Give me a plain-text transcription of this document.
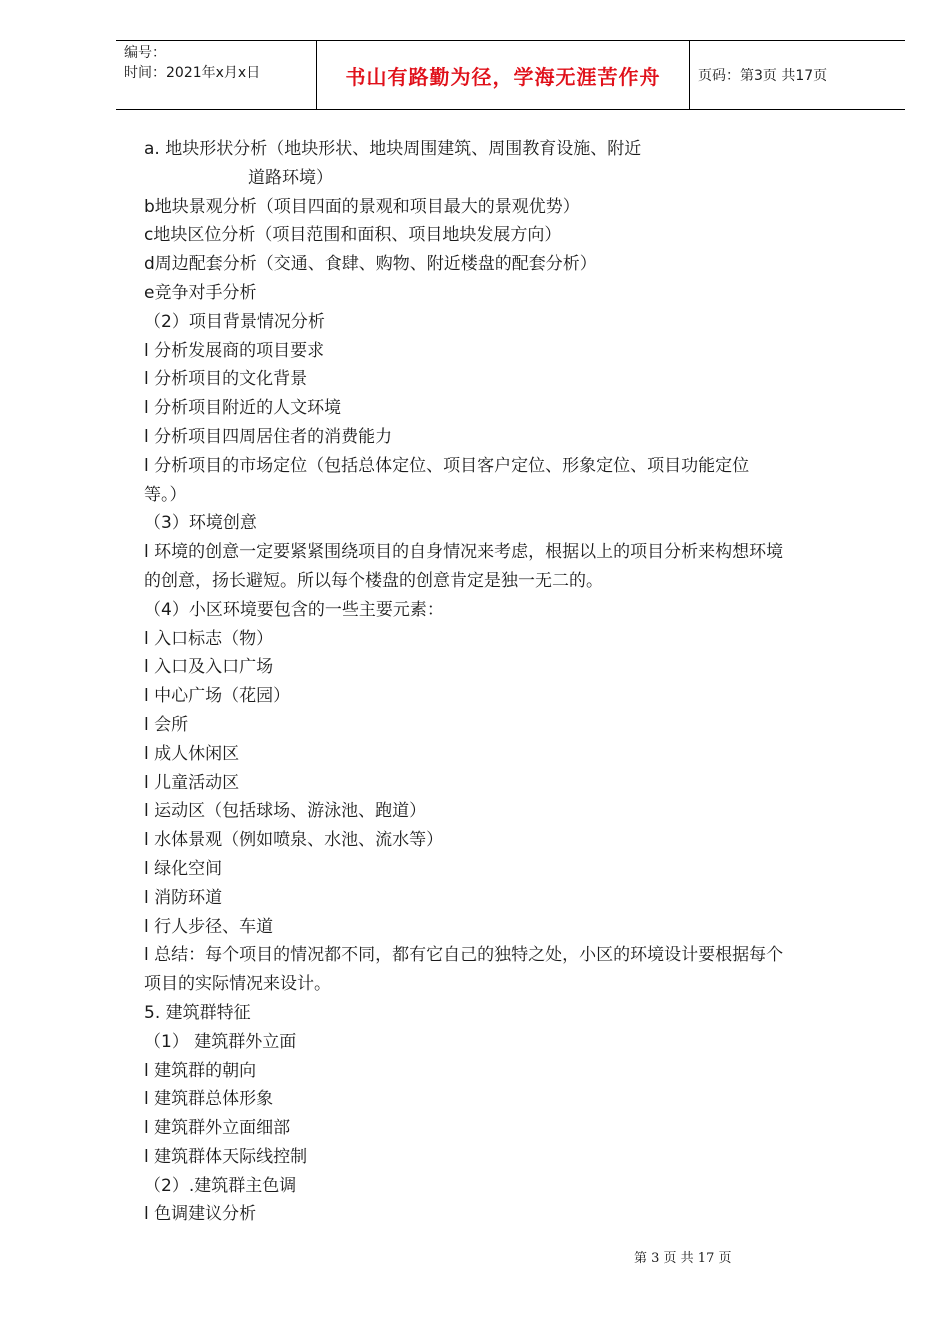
编号：
时间：2021年x月x日	书山有路勤为径，学海无涯苦作舟	页码：第3页 共17页
a. 地块形状分析（地块形状、地块周围建筑、周围教育设施、附近
道路环境）
b地块景观分析（项目四面的景观和项目最大的景观优势）
c地块区位分析（项目范围和面积、项目地块发展方向）
d周边配套分析（交通、食肆、购物、附近楼盘的配套分析）
e竞争对手分析
（2）项目背景情况分析
l 分析发展商的项目要求
l 分析项目的文化背景
l 分析项目附近的人文环境
l 分析项目四周居住者的消费能力
l 分析项目的市场定位（包括总体定位、项目客户定位、形象定位、项目功能定位
等。）
（3）环境创意
l 环境的创意一定要紧紧围绕项目的自身情况来考虑，根据以上的项目分析来构想环境
的创意，扬长避短。所以每个楼盘的创意肯定是独一无二的。
（4）小区环境要包含的一些主要元素：
l 入口标志（物）
l 入口及入口广场
l 中心广场（花园）
l 会所
l 成人休闲区
l 儿童活动区
l 运动区（包括球场、游泳池、跑道）
l 水体景观（例如喷泉、水池、流水等）
l 绿化空间
l 消防环道
l 行人步径、车道
l 总结：每个项目的情况都不同，都有它自己的独特之处，小区的环境设计要根据每个
项目的实际情况来设计。
5. 建筑群特征
（1） 建筑群外立面
l 建筑群的朝向
l 建筑群总体形象
l 建筑群外立面细部
l 建筑群体天际线控制
（2）.建筑群主色调
l 色调建议分析
第 3 页 共 17 页
